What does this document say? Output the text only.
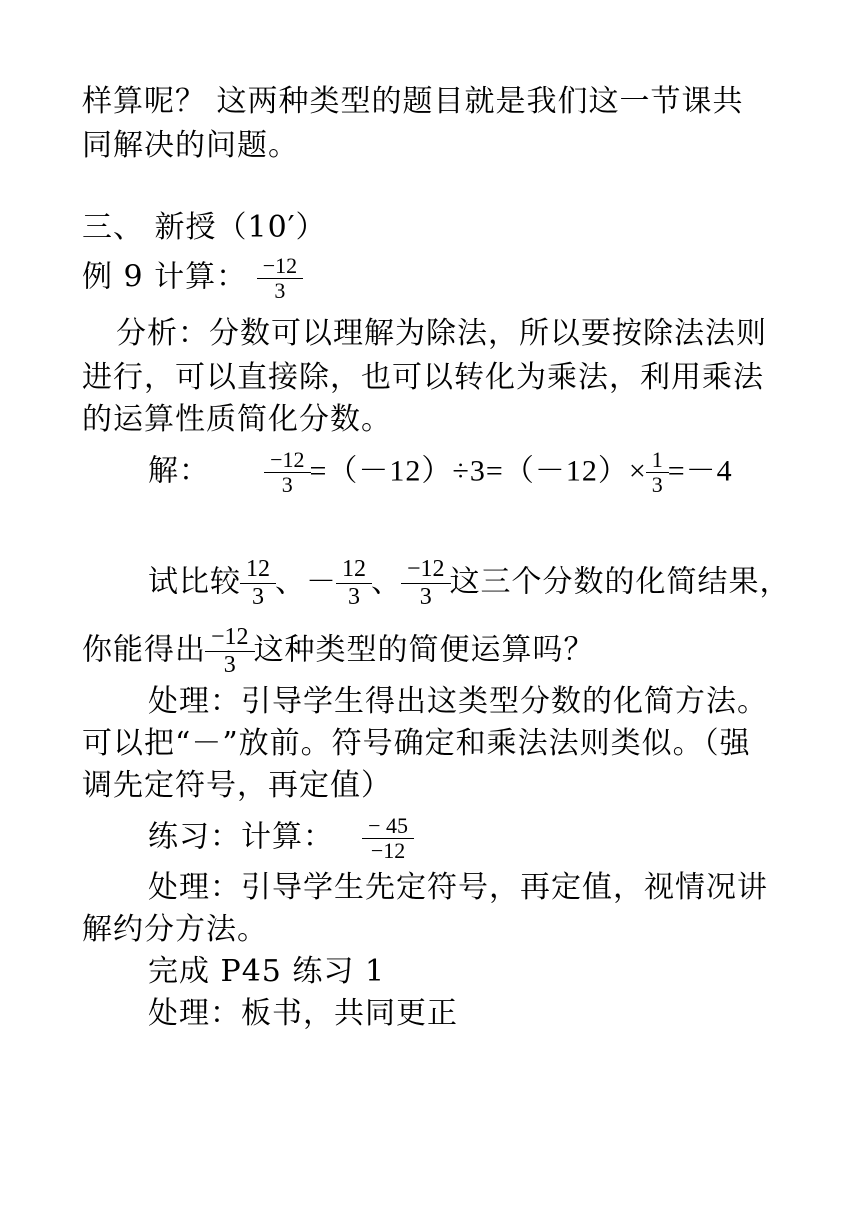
样算呢？ 这两种类型的题目就是我们这一节课共
同解决的问题。
三、 新授（10′）
例 9 计算： $\frac{-12}{3}$
分析：分数可以理解为除法，所以要按除法法则
进行，可以直接除，也可以转化为乘法，利用乘法
的运算性质简化分数。
解：	$\frac{-12}{3} =(-12)\div 3=(-12)\times \frac{1}{3} =-4$
试比较 $\frac{12}{3}$ 、－ $\frac{12}{3}$ 、 $\frac{-12}{3}$ 这三个分数的化简结果，
你能得出 $\frac{-12}{3}$ 这种类型的简便运算吗？
处理：引导学生得出这类型分数的化简方法。
可以把“－”放前。符号确定和乘法法则类似。（强
调先定符号，再定值）
练习：计算： $\frac{- 45}{-12}$
处理：引导学生先定符号，再定值，视情况讲
解约分方法。
完成 P45 练习 1
处理：板书，共同更正
